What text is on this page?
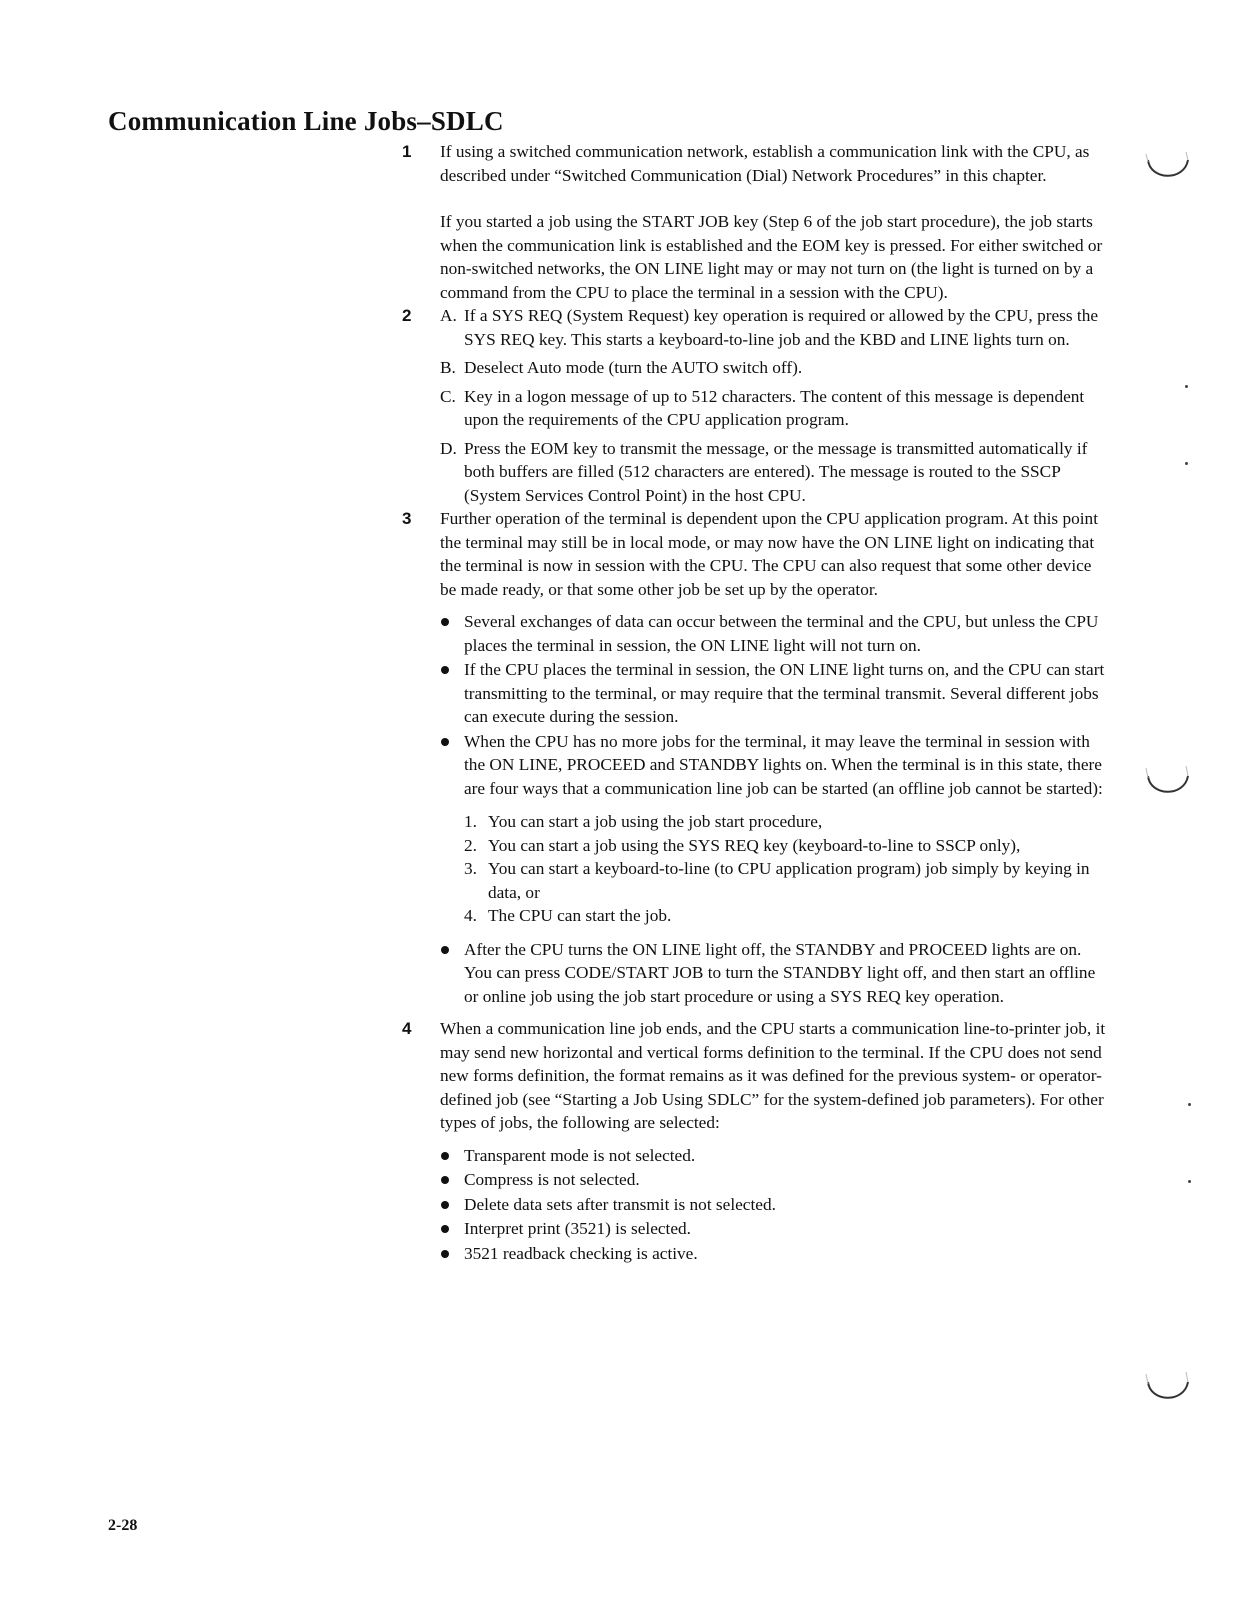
Communication Line Jobs–SDLC
1 If using a switched communication network, establish a communication link with the CPU, as described under “Switched Communication (Dial) Network Procedures” in this chapter.

If you started a job using the START JOB key (Step 6 of the job start procedure), the job starts when the communication link is established and the EOM key is pressed. For either switched or non-switched networks, the ON LINE light may or may not turn on (the light is turned on by a command from the CPU to place the terminal in a session with the CPU).

2 A. If a SYS REQ (System Request) key operation is required or allowed by the CPU, press the SYS REQ key. This starts a keyboard-to-line job and the KBD and LINE lights turn on.
B. Deselect Auto mode (turn the AUTO switch off).
C. Key in a logon message of up to 512 characters. The content of this message is dependent upon the requirements of the CPU application program.
D. Press the EOM key to transmit the message, or the message is transmitted automatically if both buffers are filled (512 characters are entered). The message is routed to the SSCP (System Services Control Point) in the host CPU.
3 Further operation of the terminal is dependent upon the CPU application program. At this point the terminal may still be in local mode, or may now have the ON LINE light on indicating that the terminal is now in session with the CPU. The CPU can also request that some other device be made ready, or that some other job be set up by the operator.

Several exchanges of data can occur between the terminal and the CPU, but unless the CPU places the terminal in session, the ON LINE light will not turn on.
If the CPU places the terminal in session, the ON LINE light turns on, and the CPU can start transmitting to the terminal, or may require that the terminal transmit. Several different jobs can execute during the session.
When the CPU has no more jobs for the terminal, it may leave the terminal in session with the ON LINE, PROCEED and STANDBY lights on. When the terminal is in this state, there are four ways that a communication line job can be started (an offline job cannot be started):
1. You can start a job using the job start procedure,
2. You can start a job using the SYS REQ key (keyboard-to-line to SSCP only),
3. You can start a keyboard-to-line (to CPU application program) job simply by keying in data, or
4. The CPU can start the job.
After the CPU turns the ON LINE light off, the STANDBY and PROCEED lights are on. You can press CODE/START JOB to turn the STANDBY light off, and then start an offline or online job using the job start procedure or using a SYS REQ key operation.
4 When a communication line job ends, and the CPU starts a communication line-to-printer job, it may send new horizontal and vertical forms definition to the terminal. If the CPU does not send new forms definition, the format remains as it was defined for the previous system- or operator-defined job (see “Starting a Job Using SDLC” for the system-defined job parameters). For other types of jobs, the following are selected:

Transparent mode is not selected.
Compress is not selected.
Delete data sets after transmit is not selected.
Interpret print (3521) is selected.
3521 readback checking is active.
2-28
